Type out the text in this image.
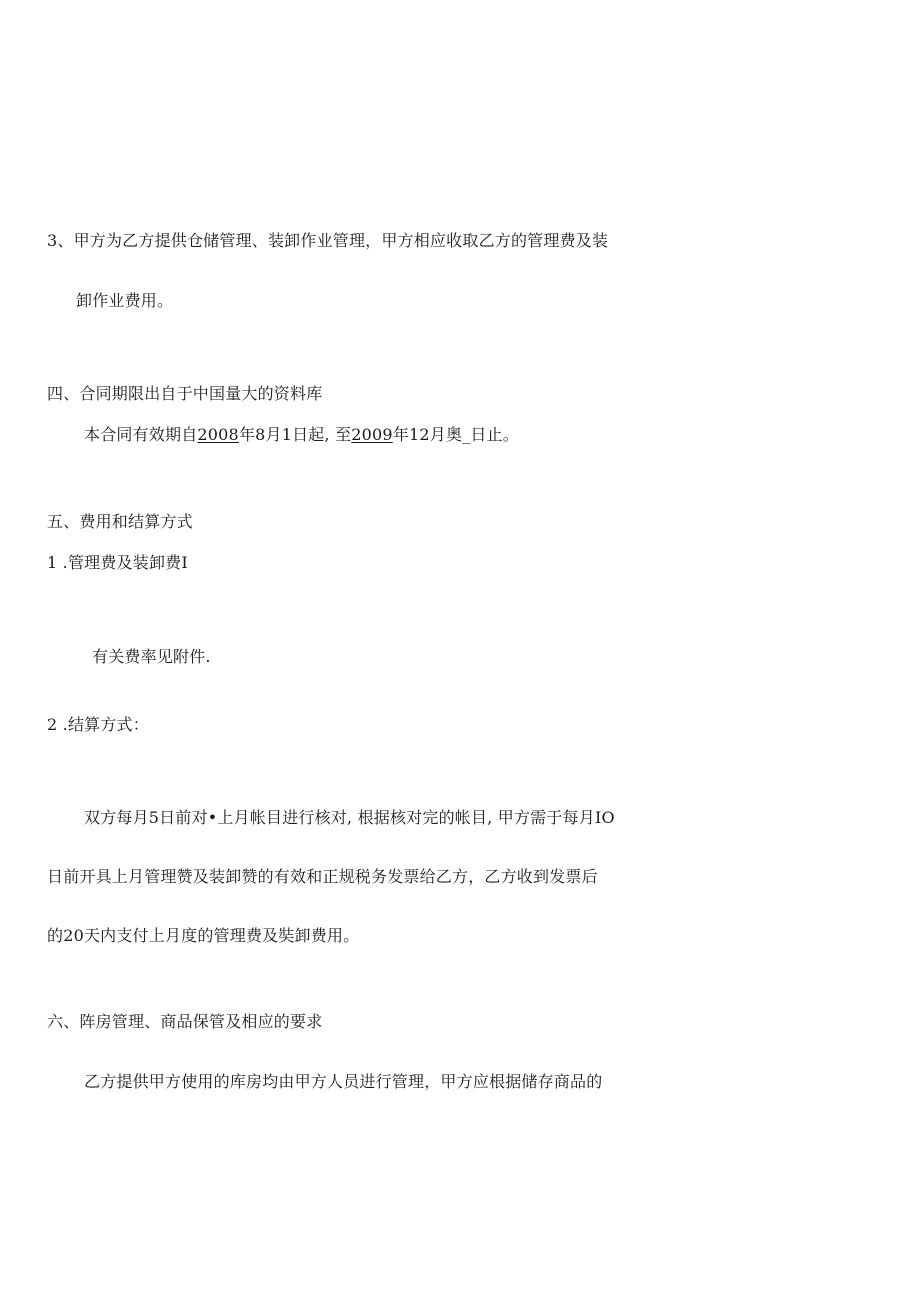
3、甲方为乙方提供仓储管理、装卸作业管理，甲方相应收取乙方的管理费及装
卸作业费用。
四、合同期限出自于中国量大的资料库
本合同有效期自2008年8月1日起, 至2009年12月奥_日止。
五、费用和结算方式
1 .管理费及装卸费I
有关费率见附件.
2 .结算方式：
双方每月5日前对•上月帐目进行核对, 根据核对完的帐目, 甲方需于每月IO
日前开具上月管理赞及装卸赞的有效和正规税务发票给乙方，乙方收到发票后
的20天内支付上月度的管理费及奘卸费用。
六、阵房管理、商品保管及相应的要求
乙方提供甲方使用的库房均由甲方人员进行管理，甲方应根据储存商品的
